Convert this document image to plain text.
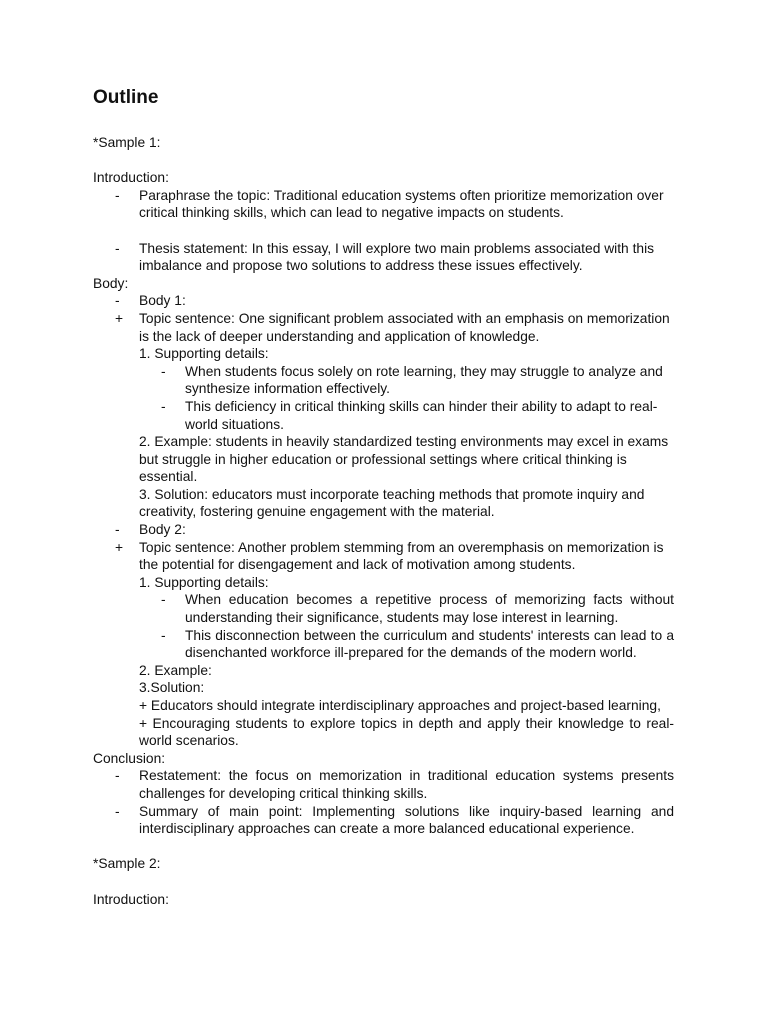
Outline
*Sample 1:
Introduction:
- Paraphrase the topic: Traditional education systems often prioritize memorization over critical thinking skills, which can lead to negative impacts on students.
- Thesis statement: In this essay, I will explore two main problems associated with this imbalance and propose two solutions to address these issues effectively.
Body:
- Body 1:
+ Topic sentence: One significant problem associated with an emphasis on memorization is the lack of deeper understanding and application of knowledge.
1. Supporting details:
- When students focus solely on rote learning, they may struggle to analyze and synthesize information effectively.
- This deficiency in critical thinking skills can hinder their ability to adapt to real-world situations.
2. Example: students in heavily standardized testing environments may excel in exams but struggle in higher education or professional settings where critical thinking is essential.
3. Solution: educators must incorporate teaching methods that promote inquiry and creativity, fostering genuine engagement with the material.
- Body 2:
+ Topic sentence: Another problem stemming from an overemphasis on memorization is the potential for disengagement and lack of motivation among students.
1. Supporting details:
- When education becomes a repetitive process of memorizing facts without understanding their significance, students may lose interest in learning.
- This disconnection between the curriculum and students' interests can lead to a disenchanted workforce ill-prepared for the demands of the modern world.
2. Example:
3.Solution:
+ Educators should integrate interdisciplinary approaches and project-based learning,
+ Encouraging students to explore topics in depth and apply their knowledge to real-world scenarios.
Conclusion:
- Restatement: the focus on memorization in traditional education systems presents challenges for developing critical thinking skills.
- Summary of main point: Implementing solutions like inquiry-based learning and interdisciplinary approaches can create a more balanced educational experience.
*Sample 2:
Introduction:
